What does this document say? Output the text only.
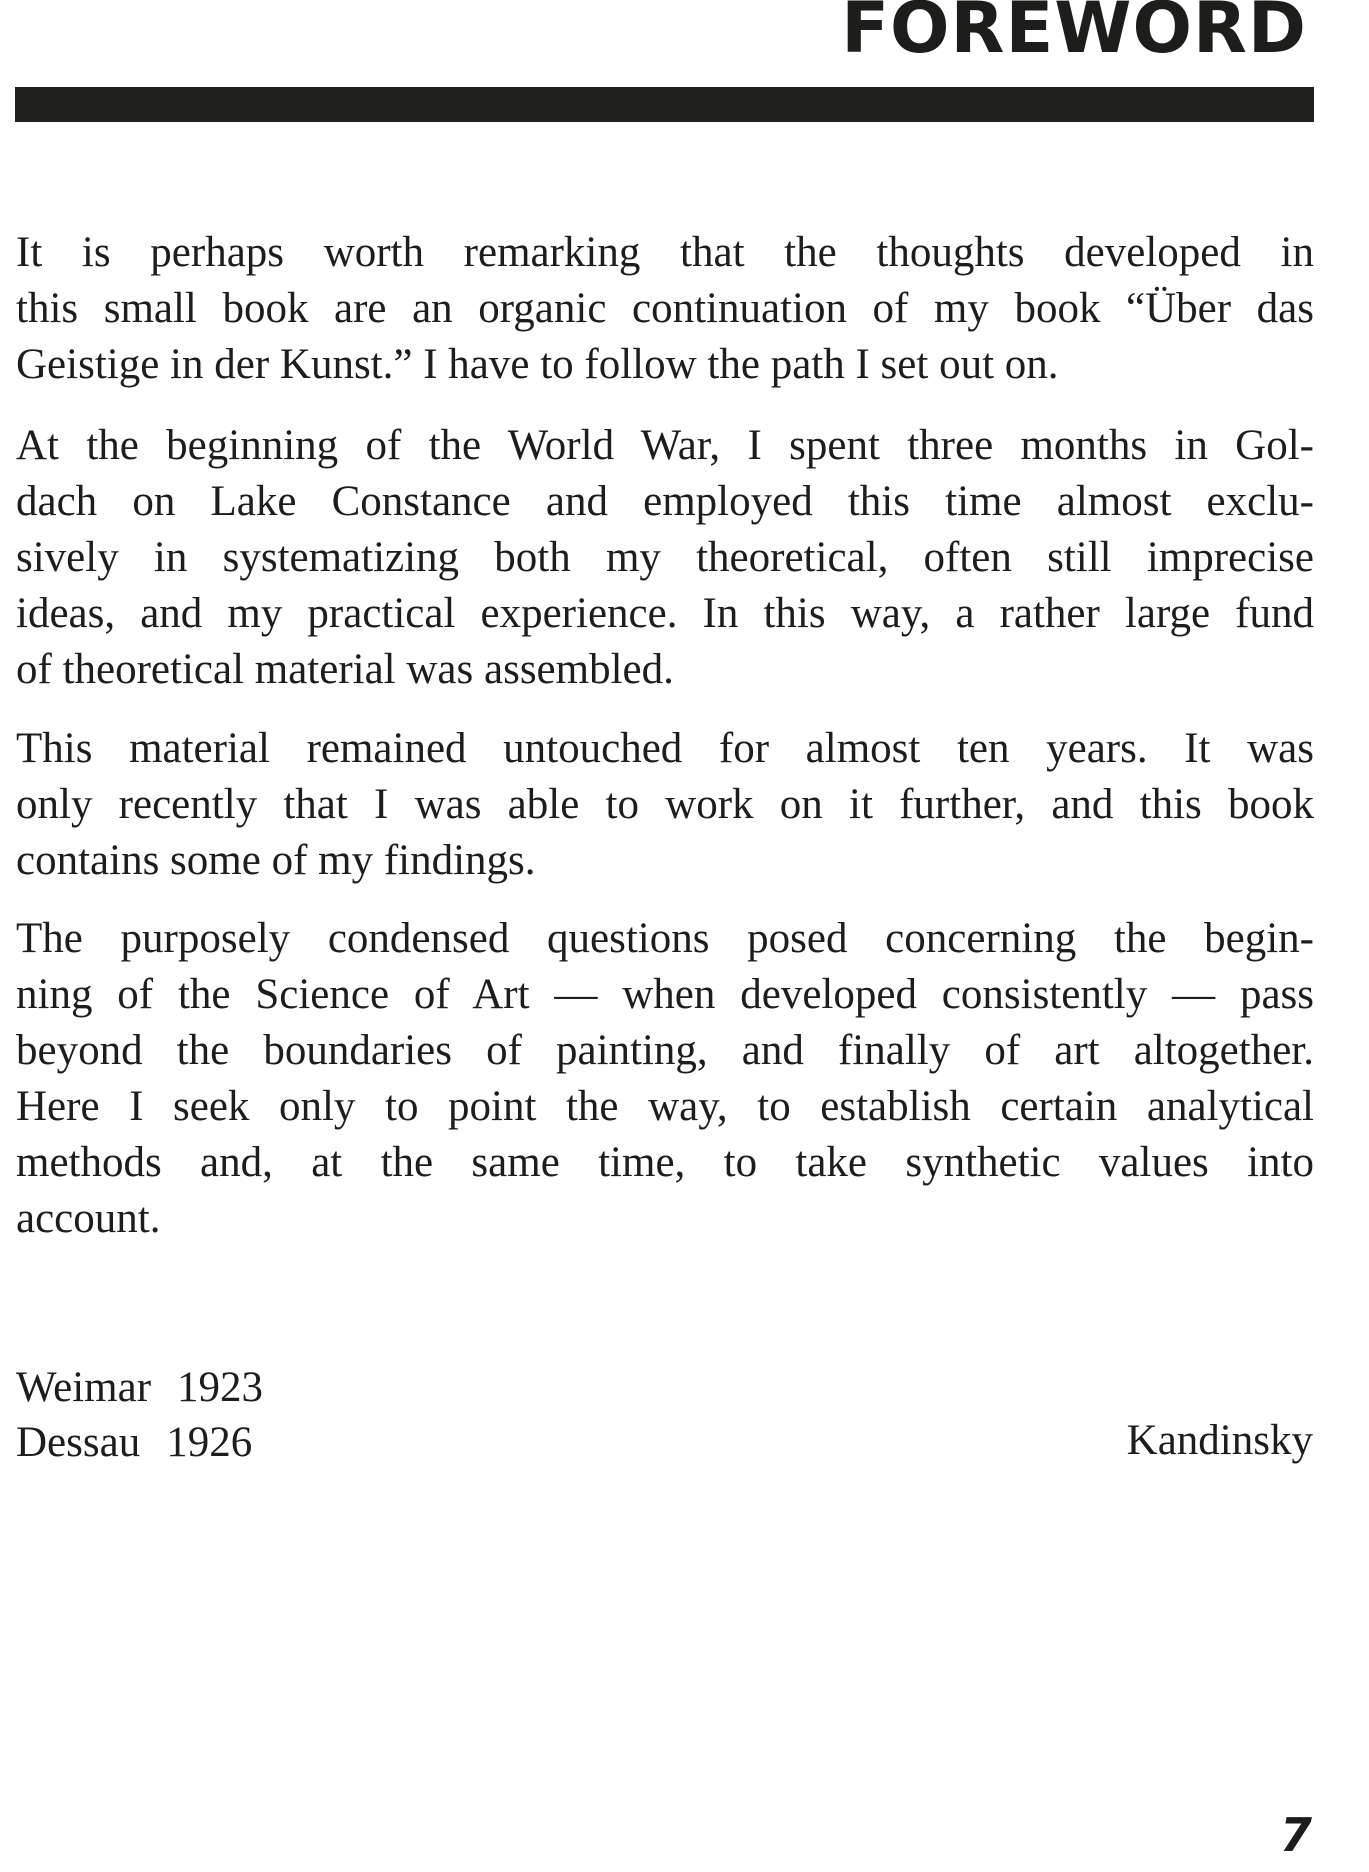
FOREWORD
It is perhaps worth remarking that the thoughts developed in
this small book are an organic continuation of my book “Über das
Geistige in der Kunst.” I have to follow the path I set out on.
At the beginning of the World War, I spent three months in Gol-
dach on Lake Constance and employed this time almost exclu-
sively in systematizing both my theoretical, often still imprecise
ideas, and my practical experience. In this way, a rather large fund
of theoretical material was assembled.
This material remained untouched for almost ten years. It was
only recently that I was able to work on it further, and this book
contains some of my findings.
The purposely condensed questions posed concerning the begin-
ning of the Science of Art — when developed consistently — pass
beyond the boundaries of painting, and finally of art altogether.
Here I seek only to point the way, to establish certain analytical
methods and, at the same time, to take synthetic values into
account.
Weimar 1923
Dessau 1926	Kandinsky
7
